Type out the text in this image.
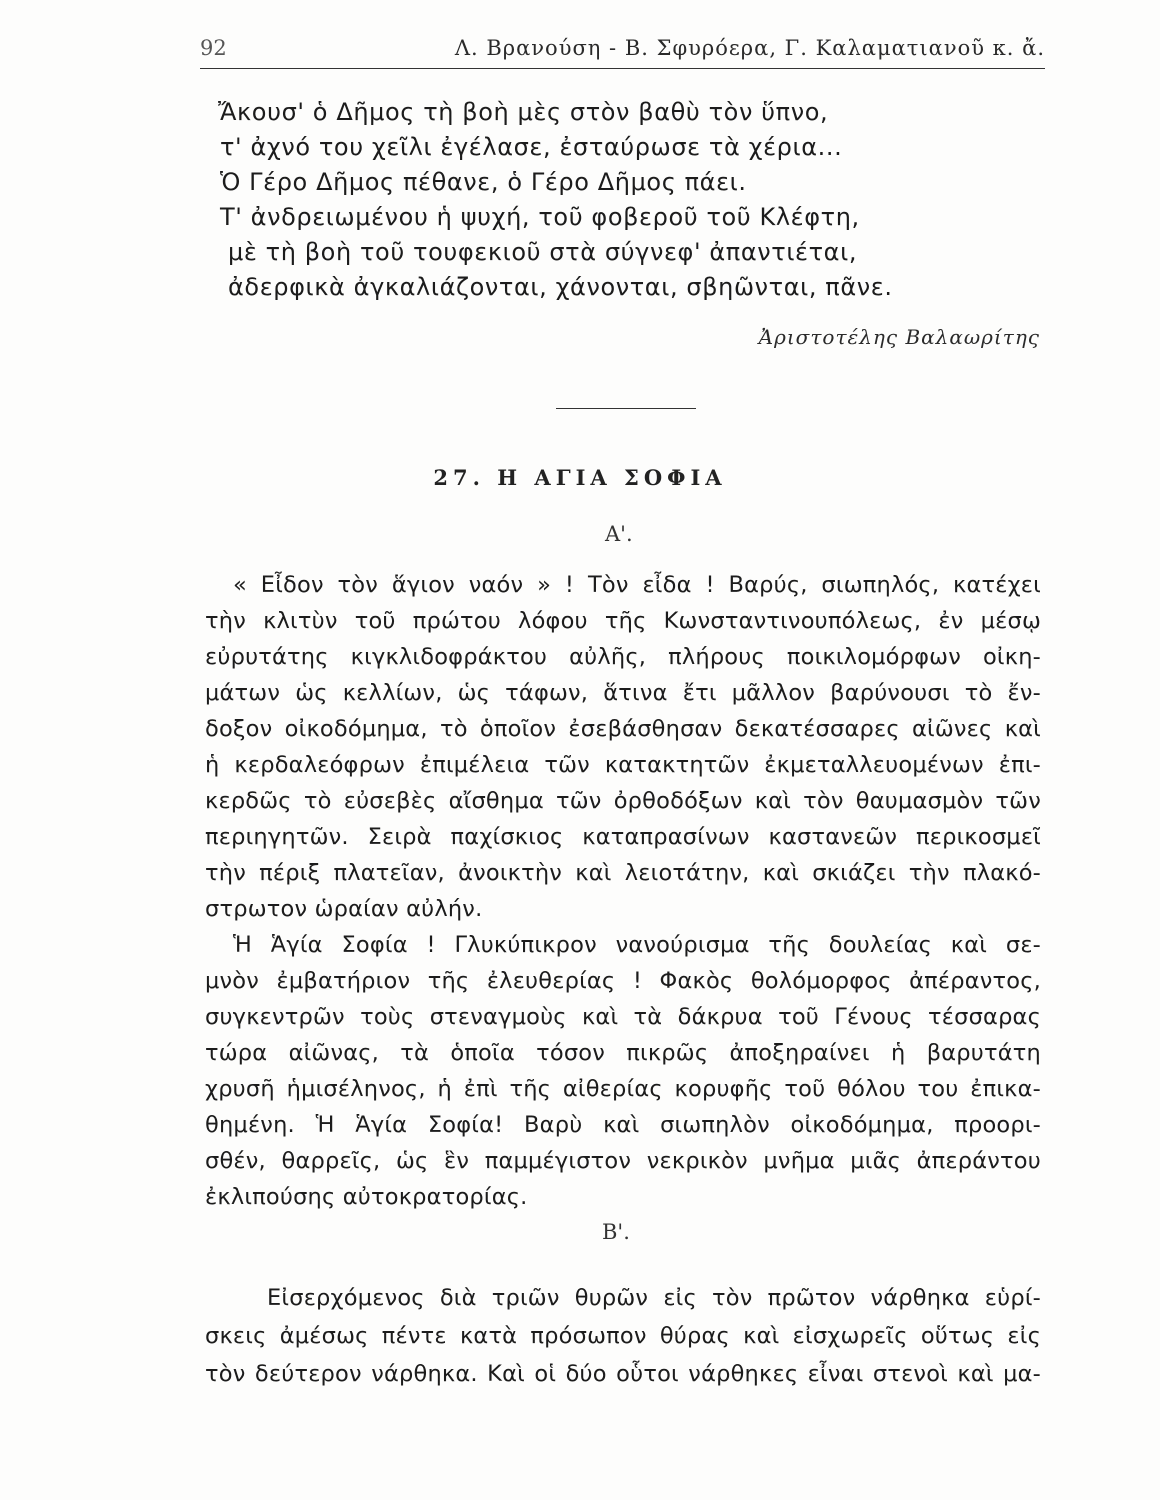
92	Λ. Βρανούση - Β. Σφυρόερα, Γ. Καλαματιανοῦ κ. ἄ.
Ἄκουσ' ὁ Δῆμος τὴ βοὴ μὲς στὸν βαθὺ τὸν ὕπνο,
τ' ἀχνό του χεῖλι ἐγέλασε, ἐσταύρωσε τὰ χέρια...
Ὁ Γέρο Δῆμος πέθανε, ὁ Γέρο Δῆμος πάει.
Τ' ἀνδρειωμένου ἡ ψυχή, τοῦ φοβεροῦ τοῦ Κλέφτη,
μὲ τὴ βοὴ τοῦ τουφεκιοῦ στὰ σύγνεφ' ἀπαντιέται,
ἀδερφικὰ ἀγκαλιάζονται, χάνονται, σβηῶνται, πᾶνε.
Ἀριστοτέλης Βαλαωρίτης
27. Η ΑΓΙΑ ΣΟΦΙΑ
Α'.
« Εἶδον τὸν ἅγιον ναόν » ! Τὸν εἶδα ! Βαρύς, σιωπηλός, κατέχει
τὴν κλιτὺν τοῦ πρώτου λόφου τῆς Κωνσταντινουπόλεως, ἐν μέσῳ
εὐρυτάτης κιγκλιδοφράκτου αὐλῆς, πλήρους ποικιλομόρφων οἰκη-
μάτων ὡς κελλίων, ὡς τάφων, ἅτινα ἔτι μᾶλλον βαρύνουσι τὸ ἔν-
δοξον οἰκοδόμημα, τὸ ὁποῖον ἐσεβάσθησαν δεκατέσσαρες αἰῶνες καὶ
ἡ κερδαλεόφρων ἐπιμέλεια τῶν κατακτητῶν ἐκμεταλλευομένων ἐπι-
κερδῶς τὸ εὐσεβὲς αἴσθημα τῶν ὀρθοδόξων καὶ τὸν θαυμασμὸν τῶν
περιηγητῶν. Σειρὰ παχίσκιος καταπρασίνων καστανεῶν περικοσμεῖ
τὴν πέριξ πλατεῖαν, ἀνοικτὴν καὶ λειοτάτην, καὶ σκιάζει τὴν πλακό-
στρωτον ὡραίαν αὐλήν.
Ἡ Ἁγία Σοφία ! Γλυκύπικρον νανούρισμα τῆς δουλείας καὶ σε-
μνὸν ἐμβατήριον τῆς ἐλευθερίας ! Φακὸς θολόμορφος ἀπέραντος,
συγκεντρῶν τοὺς στεναγμοὺς καὶ τὰ δάκρυα τοῦ Γένους τέσσαρας
τώρα αἰῶνας, τὰ ὁποῖα τόσον πικρῶς ἀποξηραίνει ἡ βαρυτάτη
χρυσῆ ἡμισέληνος, ἡ ἐπὶ τῆς αἰθερίας κορυφῆς τοῦ θόλου του ἐπικα-
θημένη. Ἡ Ἁγία Σοφία! Βαρὺ καὶ σιωπηλὸν οἰκοδόμημα, προορι-
σθέν, θαρρεῖς, ὡς ἓν παμμέγιστον νεκρικὸν μνῆμα μιᾶς ἀπεράντου
ἐκλιπούσης αὐτοκρατορίας.
Β'.
Εἰσερχόμενος διὰ τριῶν θυρῶν εἰς τὸν πρῶτον νάρθηκα εὑρί-
σκεις ἀμέσως πέντε κατὰ πρόσωπον θύρας καὶ εἰσχωρεῖς οὕτως εἰς
τὸν δεύτερον νάρθηκα. Καὶ οἱ δύο οὗτοι νάρθηκες εἶναι στενοὶ καὶ μα-
